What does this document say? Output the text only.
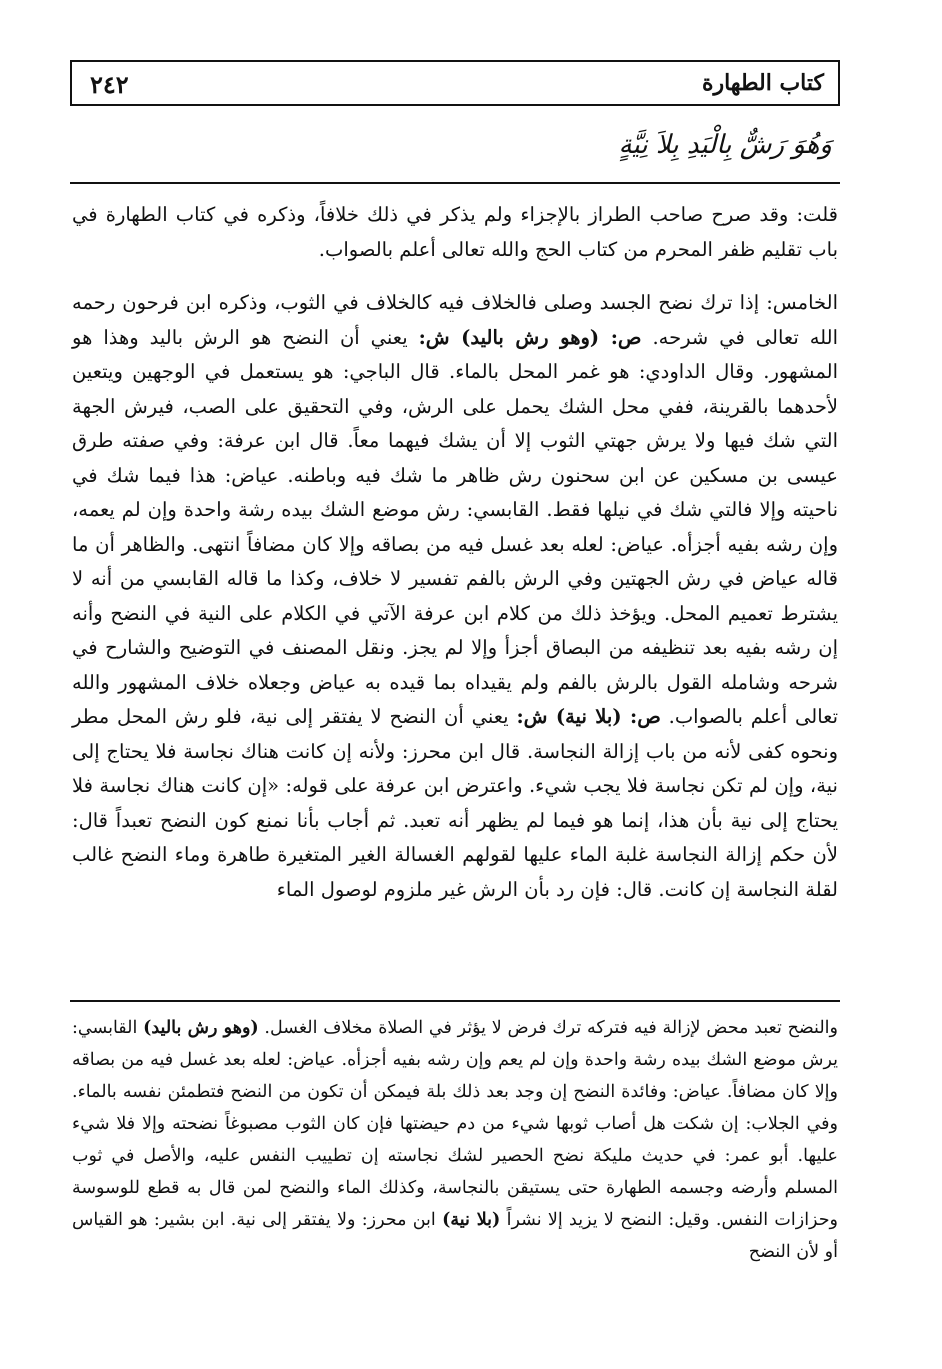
كتاب الطهارة
٢٤٢
وَهُوَ رَشٌّ بِالْيَدِ بِلاَ نِيَّةٍ

قلت: وقد صرح صاحب الطراز بالإجزاء ولم يذكر في ذلك خلافاً، وذكره في كتاب الطهارة في باب تقليم ظفر المحرم من كتاب الحج والله تعالى أعلم بالصواب.

الخامس: إذا ترك نضح الجسد وصلى فالخلاف فيه كالخلاف في الثوب، وذكره ابن فرحون رحمه الله تعالى في شرحه. ص: (وهو رش باليد) ش: يعني أن النضح هو الرش باليد وهذا هو المشهور. وقال الداودي: هو غمر المحل بالماء. قال الباجي: هو يستعمل في الوجهين ويتعين لأحدهما بالقرينة، ففي محل الشك يحمل على الرش، وفي التحقيق على الصب، فيرش الجهة التي شك فيها ولا يرش جهتي الثوب إلا أن يشك فيهما معاً. قال ابن عرفة: وفي صفته طرق عيسى بن مسكين عن ابن سحنون رش ظاهر ما شك فيه وباطنه. عياض: هذا فيما شك في ناحيته وإلا فالتي شك في نيلها فقط. القابسي: رش موضع الشك بيده رشة واحدة وإن لم يعمه، وإن رشه بفيه أجزأه. عياض: لعله بعد غسل فيه من بصاقه وإلا كان مضافاً انتهى. والظاهر أن ما قاله عياض في رش الجهتين وفي الرش بالفم تفسير لا خلاف، وكذا ما قاله القابسي من أنه لا يشترط تعميم المحل. ويؤخذ ذلك من كلام ابن عرفة الآتي في الكلام على النية في النضح وأنه إن رشه بفيه بعد تنظيفه من البصاق أجزأ وإلا لم يجز. ونقل المصنف في التوضيح والشارح في شرحه وشامله القول بالرش بالفم ولم يقيداه بما قيده به عياض وجعلاه خلاف المشهور والله تعالى أعلم بالصواب. ص: (بلا نية) ش: يعني أن النضح لا يفتقر إلى نية، فلو رش المحل مطر ونحوه كفى لأنه من باب إزالة النجاسة. قال ابن محرز: ولأنه إن كانت هناك نجاسة فلا يحتاج إلى نية، وإن لم تكن نجاسة فلا يجب شيء. واعترض ابن عرفة على قوله: «إن كانت هناك نجاسة فلا يحتاج إلى نية بأن هذا، إنما هو فيما لم يظهر أنه تعبد. ثم أجاب بأنا نمنع كون النضح تعبداً قال: لأن حكم إزالة النجاسة غلبة الماء عليها لقولهم الغسالة الغير المتغيرة طاهرة وماء النضح غالب لقلة النجاسة إن كانت. قال: فإن رد بأن الرش غير ملزوم لوصول الماء

والنضح تعبد محض لإزالة فيه فتركه ترك فرض لا يؤثر في الصلاة مخلاف الغسل. (وهو رش باليد) القابسي: يرش موضع الشك بيده رشة واحدة وإن لم يعم وإن رشه بفيه أجزأه. عياض: لعله بعد غسل فيه من بصاقه وإلا كان مضافاً. عياض: وفائدة النضح إن وجد بعد ذلك بلة فيمكن أن تكون من النضح فتطمئن نفسه بالماء. وفي الجلاب: إن شكت هل أصاب ثوبها شيء من دم حيضتها فإن كان الثوب مصبوغاً نضحته وإلا فلا شيء عليها. أبو عمر: في حديث مليكة نضح الحصير لشك نجاسته إن تطييب النفس عليه، والأصل في ثوب المسلم وأرضه وجسمه الطهارة حتى يستيقن بالنجاسة، وكذلك الماء والنضح لمن قال به قطع للوسوسة وحزازات النفس. وقيل: النضح لا يزيد إلا نشراً (بلا نية) ابن محرز: ولا يفتقر إلى نية. ابن بشير: هو القياس أو لأن النضح
